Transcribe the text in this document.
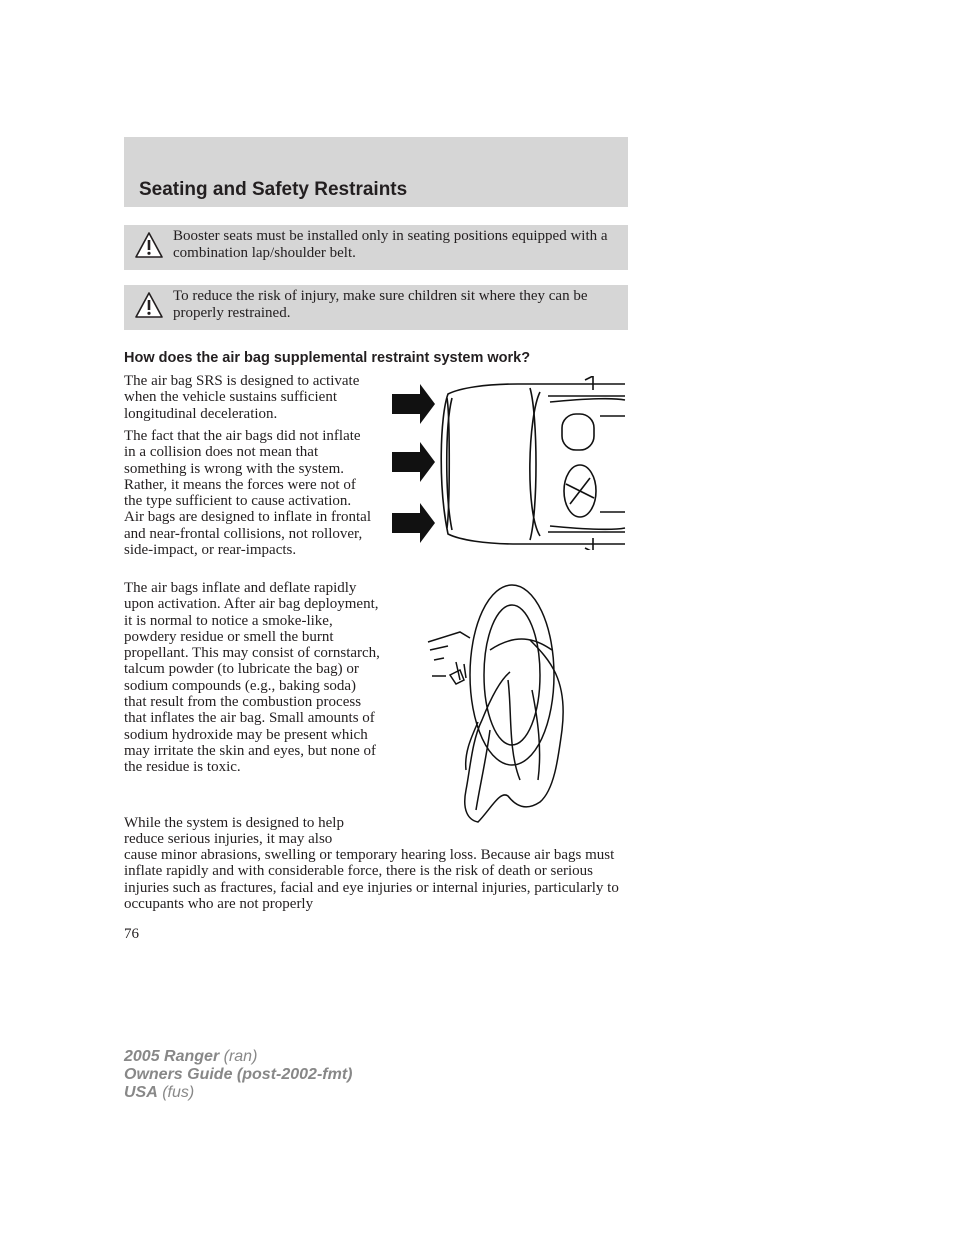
Seating and Safety Restraints
Booster seats must be installed only in seating positions equipped with a combination lap/shoulder belt.
To reduce the risk of injury, make sure children sit where they can be properly restrained.
How does the air bag supplemental restraint system work?
The air bag SRS is designed to activate when the vehicle sustains sufficient longitudinal deceleration.
The fact that the air bags did not inflate in a collision does not mean that something is wrong with the system. Rather, it means the forces were not of the type sufficient to cause activation. Air bags are designed to inflate in frontal and near-frontal collisions, not rollover, side-impact, or rear-impacts.
The air bags inflate and deflate rapidly upon activation. After air bag deployment, it is normal to notice a smoke-like, powdery residue or smell the burnt propellant. This may consist of cornstarch, talcum powder (to lubricate the bag) or sodium compounds (e.g., baking soda) that result from the combustion process that inflates the air bag. Small amounts of sodium hydroxide may be present which may irritate the skin and eyes, but none of the residue is toxic.
While the system is designed to help reduce serious injuries, it may also
cause minor abrasions, swelling or temporary hearing loss. Because air bags must inflate rapidly and with considerable force, there is the risk of death or serious injuries such as fractures, facial and eye injuries or internal injuries, particularly to occupants who are not properly
76
2005 Ranger (ran)
Owners Guide (post-2002-fmt)
USA (fus)
